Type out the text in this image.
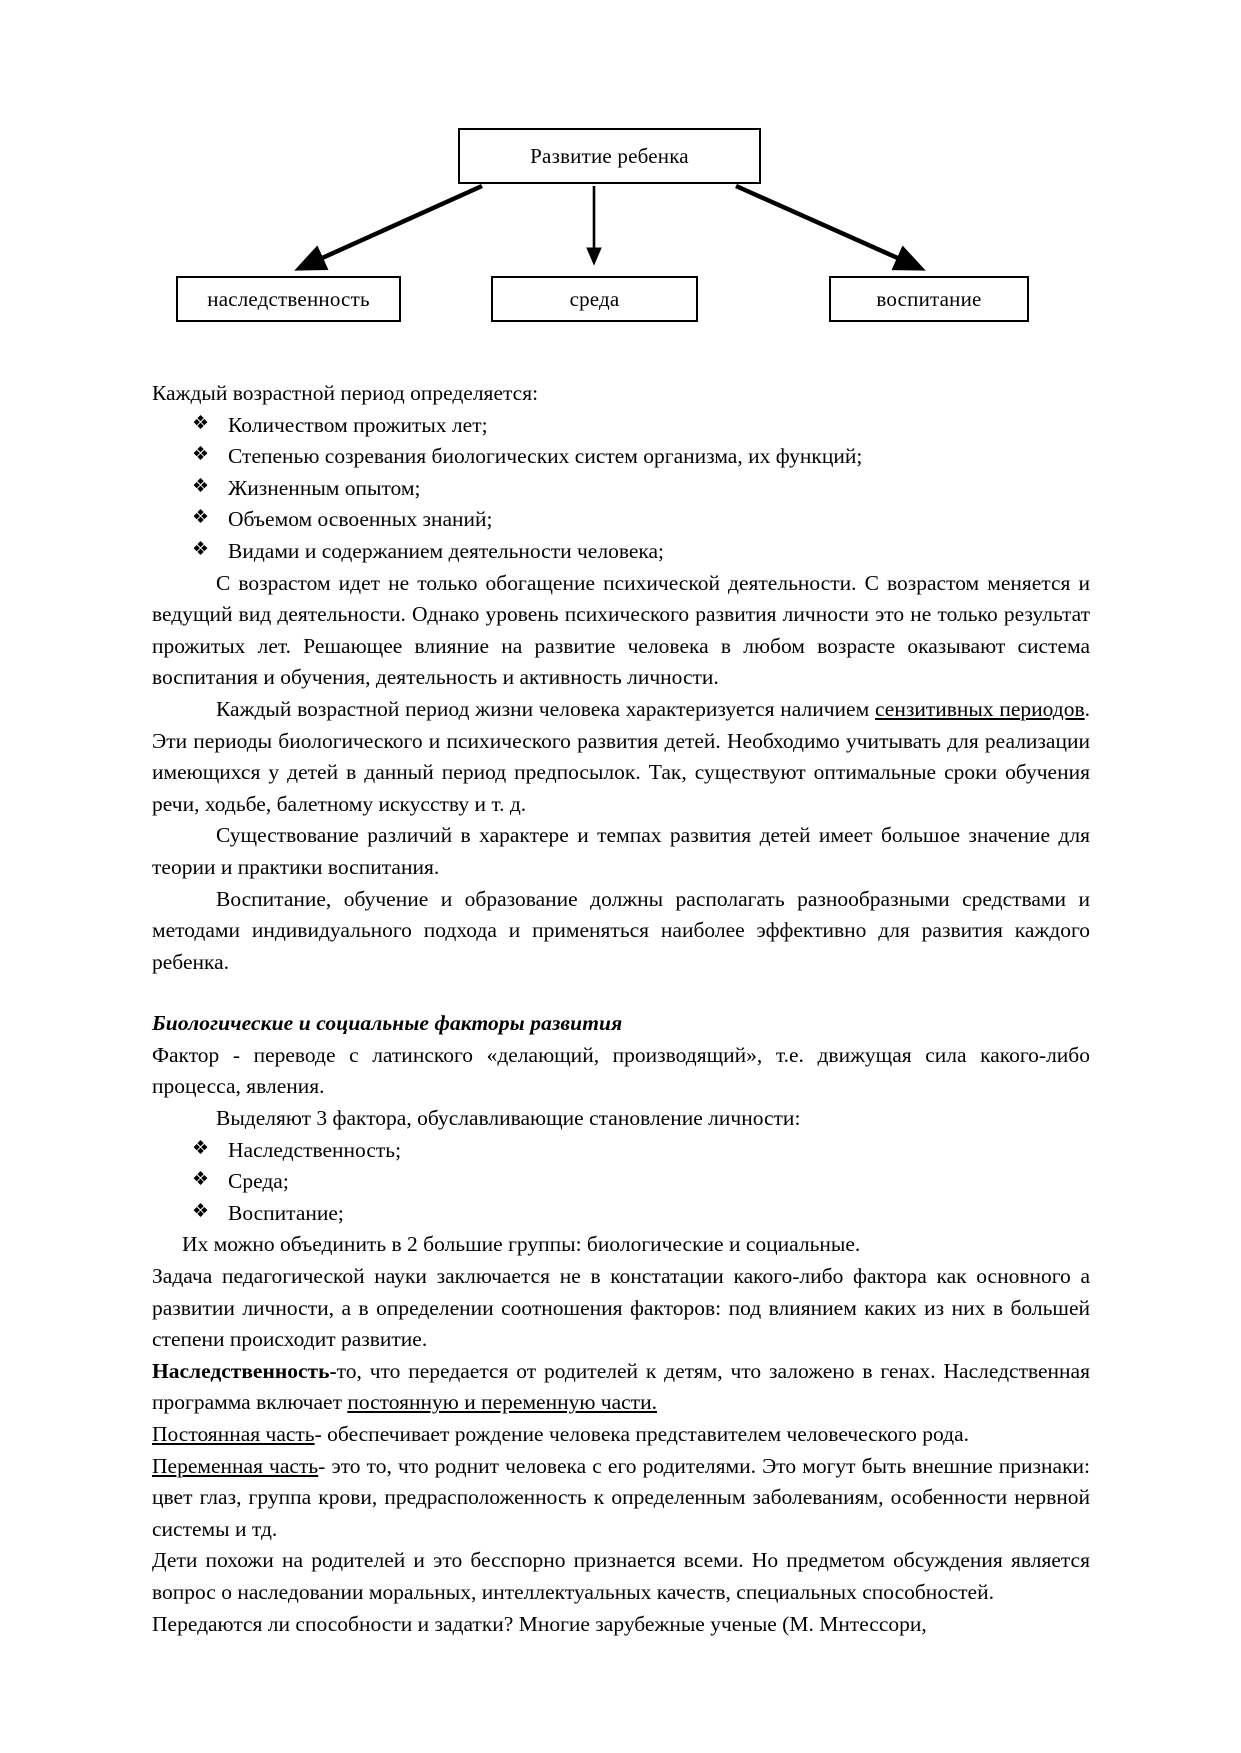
Развитие ребенка
наследственность	среда	воспитание

Каждый возрастной период определяется:

❖ Количеством прожитых лет;
❖ Степенью созревания биологических систем организма, их функций;
❖ Жизненным опытом;
❖ Объемом освоенных знаний;
❖ Видами и содержанием деятельности человека;

С возрастом идет не только обогащение психической деятельности. С возрастом меняется и ведущий вид деятельности. Однако уровень психического развития личности это не только результат прожитых лет. Решающее влияние на развитие человека в любом возрасте оказывают система воспитания и обучения, деятельность и активность личности.

Каждый возрастной период жизни человека характеризуется наличием сензитивных периодов. Эти периоды биологического и психического развития детей. Необходимо учитывать для реализации имеющихся у детей в данный период предпосылок. Так, существуют оптимальные сроки обучения речи, ходьбе, балетному искусству и т. д.

Существование различий в характере и темпах развития детей имеет большое значение для теории и практики воспитания.

Воспитание, обучение и образование должны располагать разнообразными средствами и методами индивидуального подхода и применяться наиболее эффективно для развития каждого ребенка.

Биологические и социальные факторы развития

Фактор - переводе с латинского «делающий, производящий», т.е. движущая сила какого-либо процесса, явления.

Выделяют 3 фактора, обуславливающие становление личности:

❖ Наследственность;
❖ Среда;
❖ Воспитание;

Их можно объединить в 2 большие группы: биологические и социальные.

Задача педагогической науки заключается не в констатации какого-либо фактора как основного а развитии личности, а в определении соотношения факторов: под влиянием каких из них в большей степени происходит развитие.

Наследственность-то, что передается от родителей к детям, что заложено в генах. Наследственная программа включает постоянную и переменную части.

Постоянная часть- обеспечивает рождение человека представителем человеческого рода.

Переменная часть- это то, что роднит человека с его родителями. Это могут быть внешние признаки: цвет глаз, группа крови, предрасположенность к определенным заболеваниям, особенности нервной системы и тд.

Дети похожи на родителей и это бесспорно признается всеми. Но предметом обсуждения является вопрос о наследовании моральных, интеллектуальных качеств, специальных способностей.

Передаются ли способности и задатки? Многие зарубежные ученые (М. Мнтессори,
